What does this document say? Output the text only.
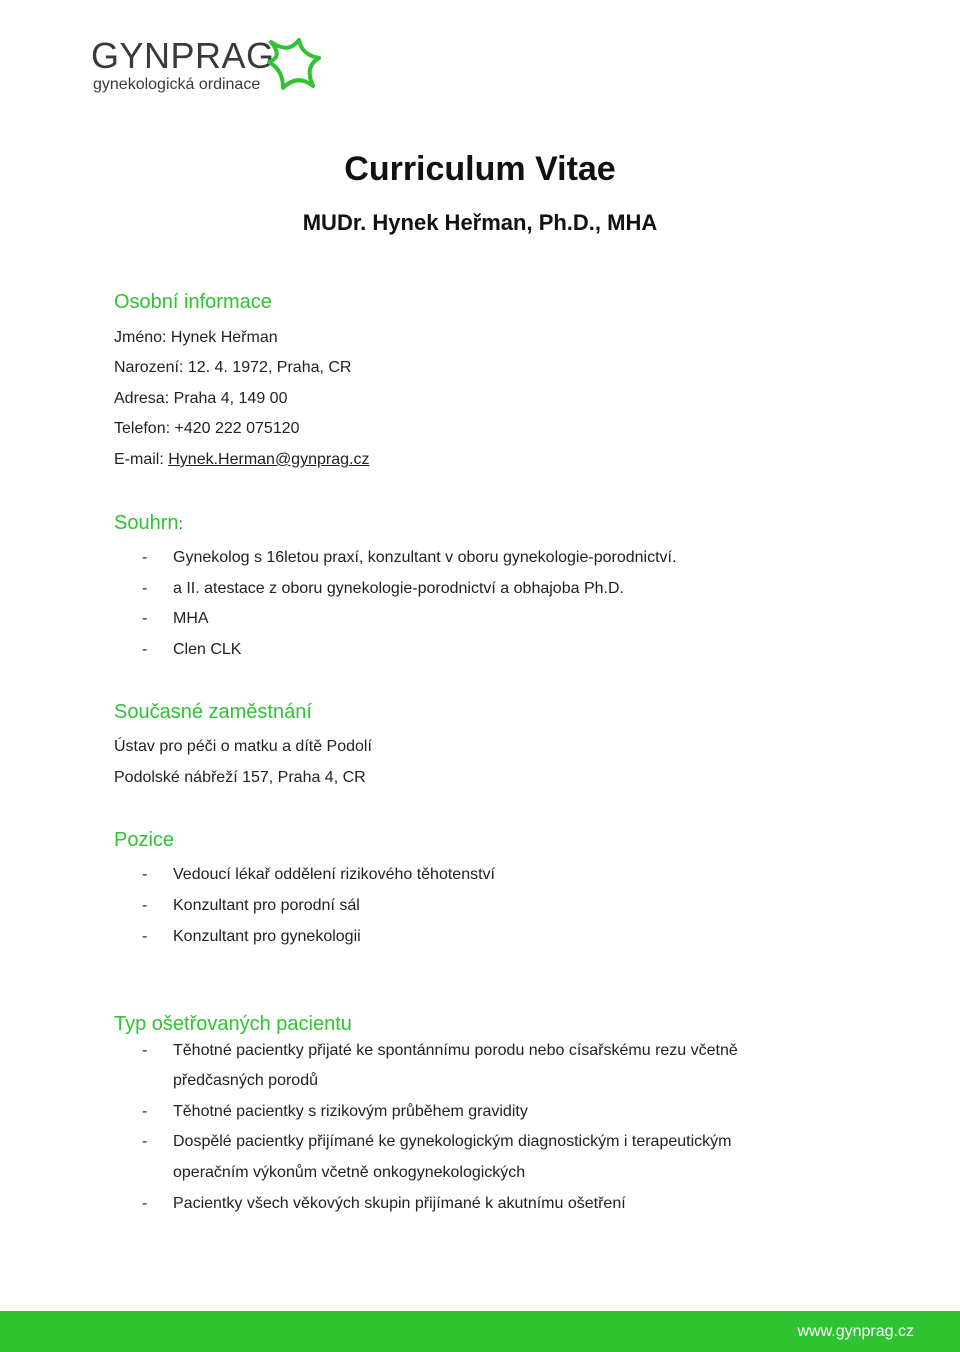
GYNPRAG
gynekologická ordinace
Curriculum Vitae
MUDr. Hynek Heřman, Ph.D., MHA
Osobní informace
Jméno: Hynek Heřman
Narození: 12. 4. 1972, Praha, CR
Adresa: Praha 4, 149 00
Telefon: +420 222 075120
E-mail: Hynek.Herman@gynprag.cz
Souhrn:
-	Gynekolog s 16letou praxí, konzultant v oboru gynekologie-porodnictví.
-	a II. atestace z oboru gynekologie-porodnictví a obhajoba Ph.D.
-	MHA
-	Clen CLK
Současné zaměstnání
Ústav pro péči o matku a dítě Podolí
Podolské nábřeží 157, Praha 4, CR
Pozice
-	Vedoucí lékař oddělení rizikového těhotenství
-	Konzultant pro porodní sál
-	Konzultant pro gynekologii
Typ ošetřovaných pacientu
-	Těhotné pacientky přijaté ke spontánnímu porodu nebo císařskému rezu včetně
předčasných porodů
-	Těhotné pacientky s rizikovým průběhem gravidity
-	Dospělé pacientky přijímané ke gynekologickým diagnostickým i terapeutickým
operačním výkonům včetně onkogynekologických
-	Pacientky všech věkových skupin přijímané k akutnímu ošetření
www.gynprag.cz
